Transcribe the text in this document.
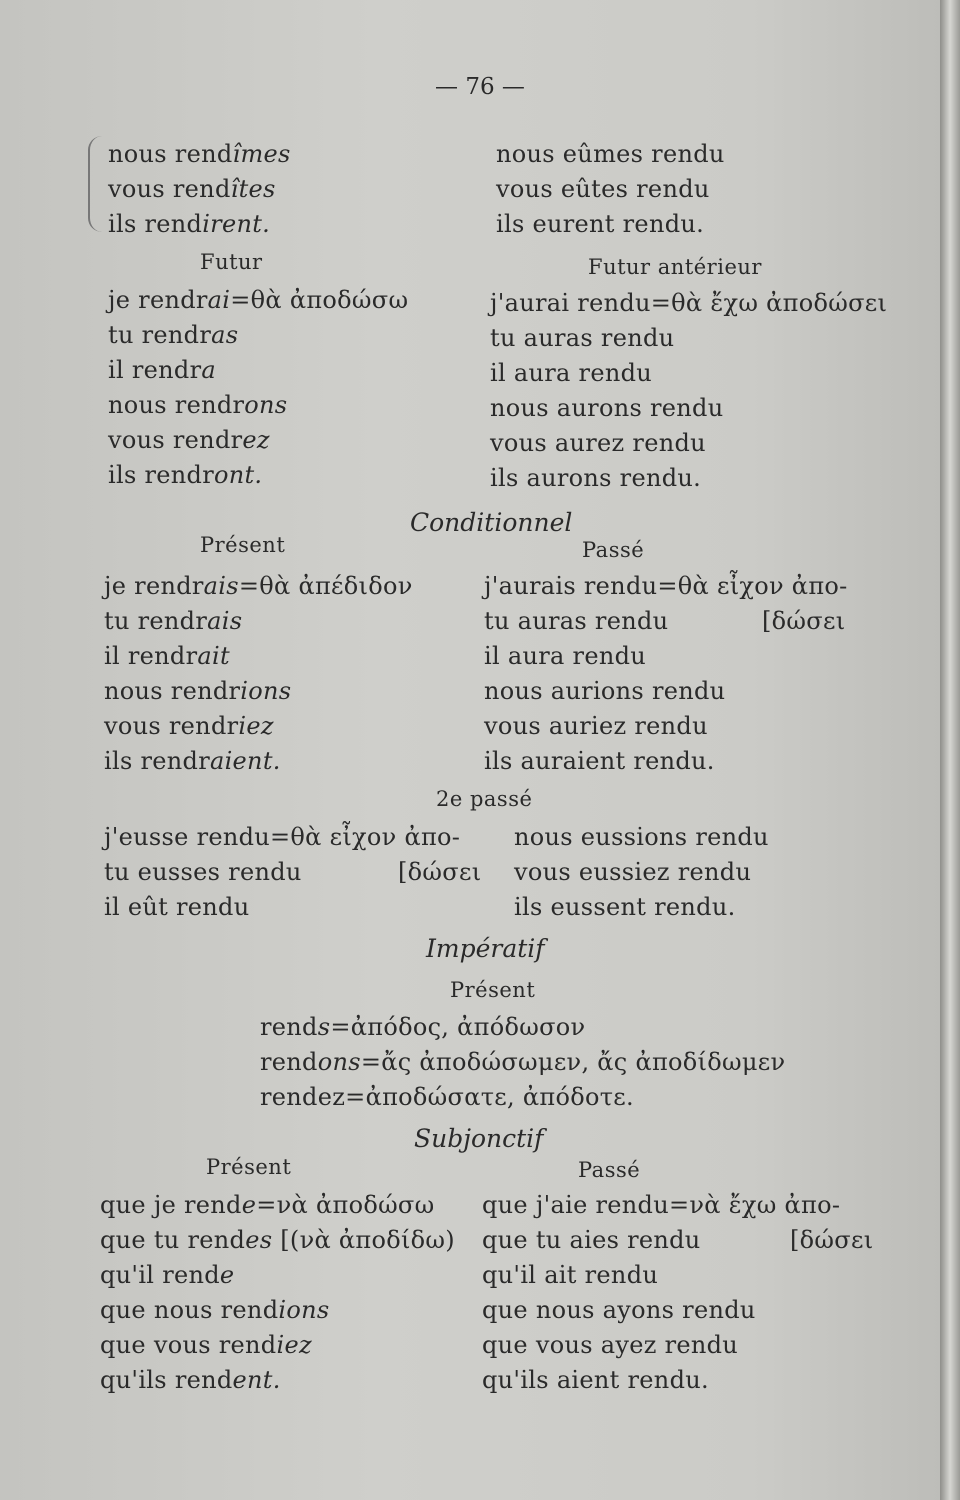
— 76 —
nous rendîmes
vous rendîtes
ils rendirent.
nous eûmes rendu
vous eûtes rendu
ils eurent rendu.
Futur
je rendrai=θὰ ἀποδώσω
tu rendras
il rendra
nous rendrons
vous rendrez
ils rendront.
Futur antérieur
j'aurai rendu=θὰ ἔχω ἀποδώσει
tu auras rendu
il aura rendu
nous aurons rendu
vous aurez rendu
ils aurons rendu.
Conditionnel
Présent	Passé
je rendrais=θὰ ἀπέδιδον
tu rendrais
il rendrait
nous rendrions
vous rendriez
ils rendraient.
j'aurais rendu=θὰ εἶχον ἀπο-
tu auras rendu
il aura rendu
nous aurions rendu
vous auriez rendu
ils auraient rendu.
[δώσει
2e passé
j'eusse rendu=θὰ εἶχον ἀπο-
tu eusses rendu
il eût rendu
[δώσει
nous eussions rendu
vous eussiez rendu
ils eussent rendu.
Impératif
Présent
rends=ἀπόδος, ἀπόδωσον
rendons=ἄς ἀποδώσωμεν, ἄς ἀποδίδωμεν
rendez=ἀποδώσατε, ἀπόδοτε.
Subjonctif
Présent	Passé
que je rende=νὰ ἀποδώσω
que tu rendes [(νὰ ἀποδίδω)
qu'il rende
que nous rendions
que vous rendiez
qu'ils rendent.
que j'aie rendu=νὰ ἔχω ἀπο-
que tu aies rendu
qu'il ait rendu
que nous ayons rendu
que vous ayez rendu
qu'ils aient rendu.
[δώσει
